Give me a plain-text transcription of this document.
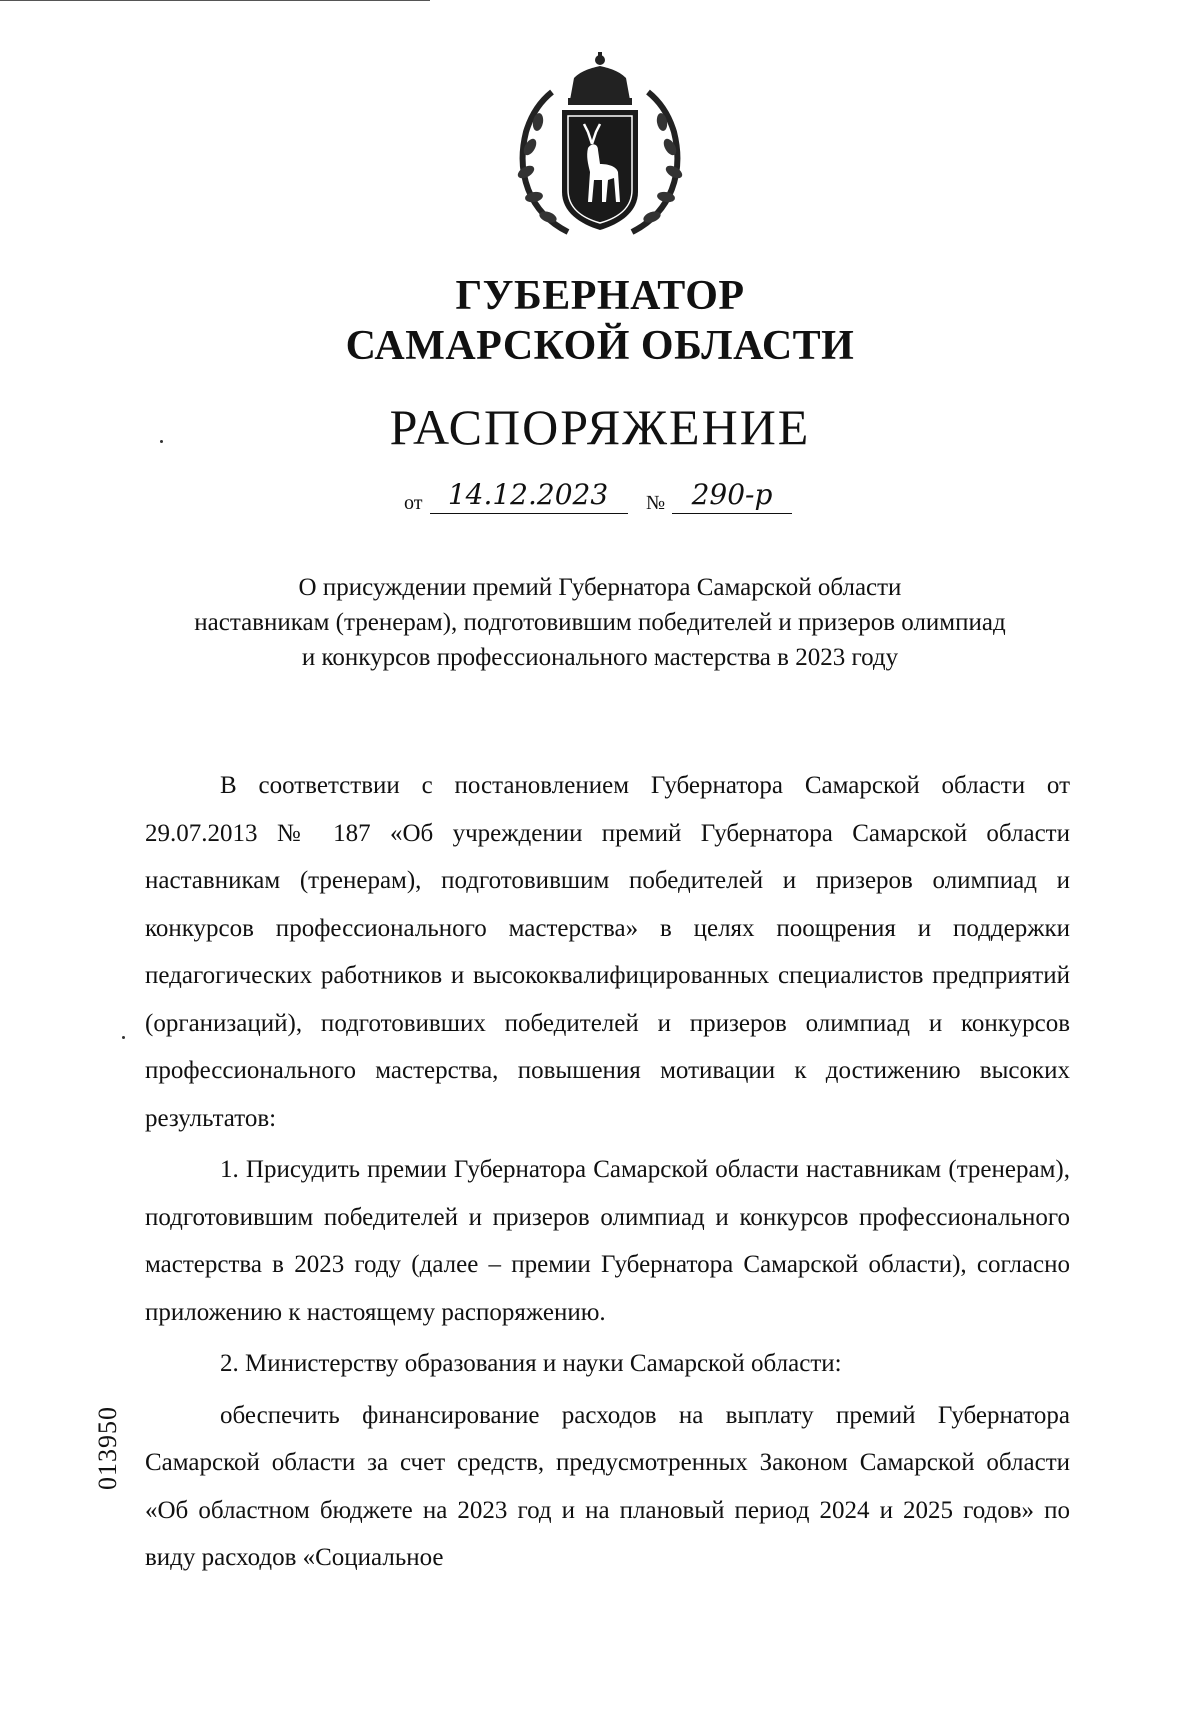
ГУБЕРНАТОР
САМАРСКОЙ ОБЛАСТИ
РАСПОРЯЖЕНИЕ
от 14.12.2023	№ 290-р
О присуждении премий Губернатора Самарской области
наставникам (тренерам), подготовившим победителей и призеров олимпиад
и конкурсов профессионального мастерства в 2023 году

В соответствии с постановлением Губернатора Самарской области от 29.07.2013 № 187 «Об учреждении премий Губернатора Самарской области наставникам (тренерам), подготовившим победителей и призеров олимпиад и конкурсов профессионального мастерства» в целях поощрения и поддержки педагогических работников и высококвалифицированных специалистов предприятий (организаций), подготовивших победителей и призеров олимпиад и конкурсов профессионального мастерства, повышения мотивации к достижению высоких результатов:

1. Присудить премии Губернатора Самарской области наставникам (тренерам), подготовившим победителей и призеров олимпиад и конкурсов профессионального мастерства в 2023 году (далее – премии Губернатора Самарской области), согласно приложению к настоящему распоряжению.

2. Министерству образования и науки Самарской области:

обеспечить финансирование расходов на выплату премий Губернатора Самарской области за счет средств, предусмотренных Законом Самарской области «Об областном бюджете на 2023 год и на плановый период 2024 и 2025 годов» по виду расходов «Социальное

013950
